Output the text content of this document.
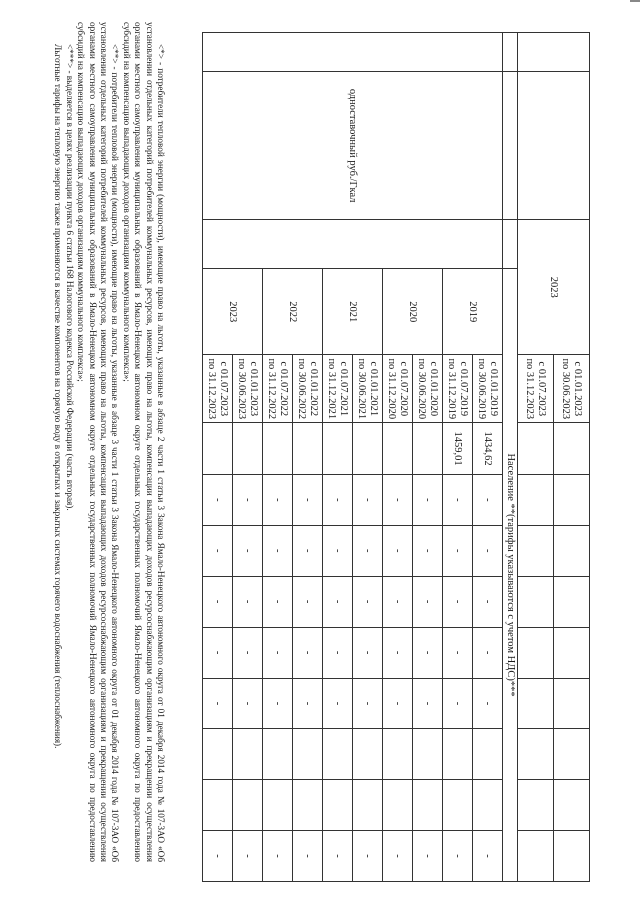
		2023		с 01.01.2023
по 30.06.2023									

				с 01.07.2023
по 31.12.2023									

			Население **(тарифы указываются с учетом НДС)***										
	одноставочный руб./Гкал		2019	с 01.01.2019
по 30.06.2019	1434,62	-	-	-	-	-			-

				с 01.07.2019
по 31.12.2019	1459,01	-	-	-	-	-			-
			2020	с 01.01.2020
по 30.06.2020		-	-	-	-	-			-

				с 01.07.2020
по 31.12.2020		-	-	-	-	-			-
			2021	с 01.01.2021
по 30.06.2021		-	-	-	-	-			-

				с 01.07.2021
по 31.12.2021		-	-	-	-	-			-
			2022	с 01.01.2022
по 30.06.2022		-	-	-	-	-			-

				с 01.07.2022
по 31.12.2022		-	-	-	-	-			-
			2023	с 01.01.2023
по 30.06.2023		-	-	-	-	-			-

				с 01.07.2023
по 31.12.2023		-	-	-	-	-			-

<*> - потребители тепловой энергии (мощности), имеющие право на льготы, указанные в абзаце 2 части 1 статьи 3 Закона Ямало-Ненецкого автономного округа от 01 декабря 2014 года № 107-ЗАО «Об установлении отдельных категорий потребителей коммунальных ресурсов, имеющих право на льготы, компенсации выпадающих доходов ресурсоснабжающим организациям и прекращении осуществления органами местного самоуправления муниципальных образований в Ямало-Ненецком автономном округе отдельных государственных полномочий Ямало-Ненецкого автономного округа по предоставлению субсидий на компенсацию выпадающих доходов организациям коммунального комплекса»;

<**> - потребители тепловой энергии (мощности), имеющие право на льготы, указанные в абзаце 3 части 1 статьи 3 Закона Ямало-Ненецкого автономного округа от 01 декабря 2014 года № 107-ЗАО «Об установлении отдельных категорий потребителей коммунальных ресурсов, имеющих право на льготы, компенсации выпадающих доходов ресурсоснабжающим организациям и прекращении осуществления органами местного самоуправления муниципальных образований в Ямало-Ненецком автономном округе отдельных государственных полномочий Ямало-Ненецкого автономного округа по предоставлению субсидий на компенсацию выпадающих доходов организациям коммунального комплекса»;

<***> - выделяется в целях реализации пункта 6 статьи 168 Налогового кодекса Российской Федерации (часть вторая).

Льготные тарифы на тепловую энергию также применяются в качестве компонентов на горячую воду в открытых и закрытых системах горячего водоснабжения (теплоснабжения).
